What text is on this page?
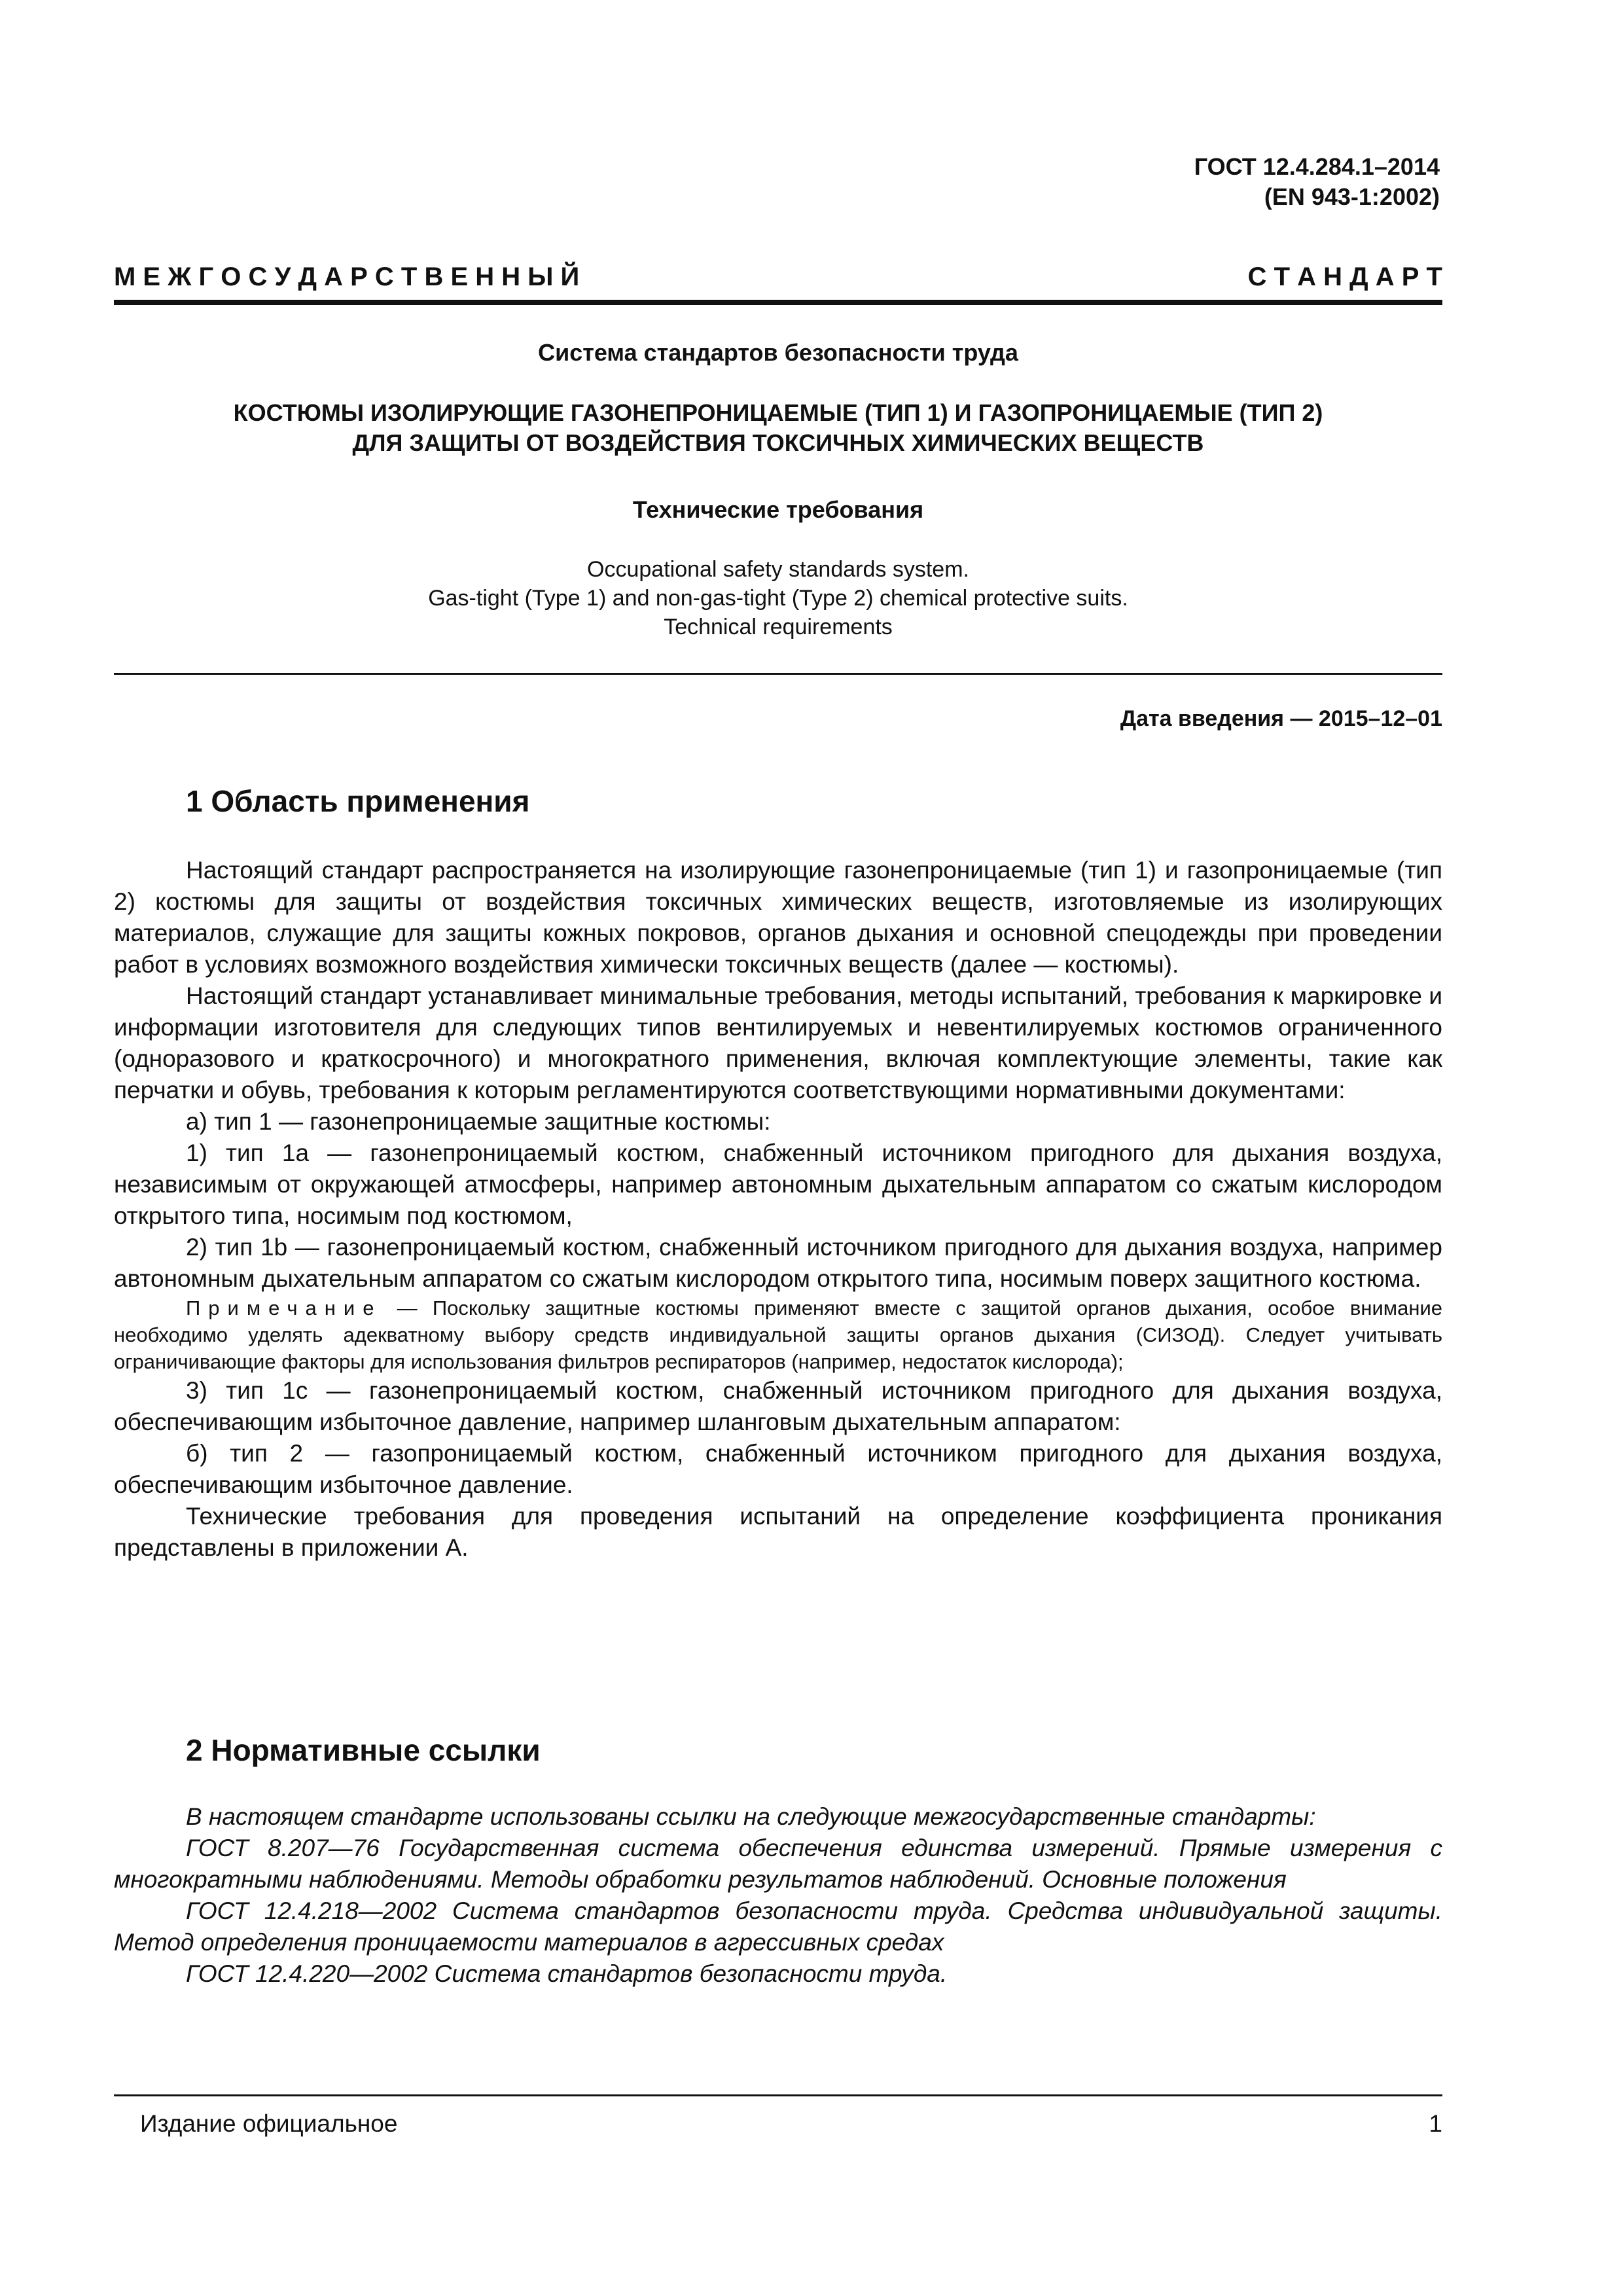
ГОСТ 12.4.284.1–2014
(EN 943-1:2002)
М Е Ж Г О С У Д А Р С Т В Е Н Н Ы Й	С Т А Н Д А Р Т
Система стандартов безопасности труда
КОСТЮМЫ ИЗОЛИРУЮЩИЕ ГАЗОНЕПРОНИЦАЕМЫЕ (ТИП 1) И ГАЗОПРОНИЦАЕМЫЕ (ТИП 2)
ДЛЯ ЗАЩИТЫ ОТ ВОЗДЕЙСТВИЯ ТОКСИЧНЫХ ХИМИЧЕСКИХ ВЕЩЕСТВ
Технические требования
Occupational safety standards system.
Gas-tight (Type 1) and non-gas-tight (Type 2) chemical protective suits.
Technical requirements
Дата введения — 2015–12–01
1 Область применения

Настоящий стандарт распространяется на изолирующие газонепроницаемые (тип 1) и газопроницаемые (тип 2) костюмы для защиты от воздействия токсичных химических веществ, изготовляемые из изолирующих материалов, служащие для защиты кожных покровов, органов дыхания и основной спецодежды при проведении работ в условиях возможного воздействия химически токсичных веществ (далее — костюмы).

Настоящий стандарт устанавливает минимальные требования, методы испытаний, требования к маркировке и информации изготовителя для следующих типов вентилируемых и невентилируемых костюмов ограниченного (одноразового и краткосрочного) и многократного применения, включая комплектующие элементы, такие как перчатки и обувь, требования к которым регламентируются соответствующими нормативными документами:

а) тип 1 — газонепроницаемые защитные костюмы:

1) тип 1а — газонепроницаемый костюм, снабженный источником пригодного для дыхания воздуха, независимым от окружающей атмосферы, например автономным дыхательным аппаратом со сжатым кислородом открытого типа, носимым под костюмом,

2) тип 1b — газонепроницаемый костюм, снабженный источником пригодного для дыхания воздуха, например автономным дыхательным аппаратом со сжатым кислородом открытого типа, носимым поверх защитного костюма.

Примечание — Поскольку защитные костюмы применяют вместе с защитой органов дыхания, особое внимание необходимо уделять адекватному выбору средств индивидуальной защиты органов дыхания (СИЗОД). Следует учитывать ограничивающие факторы для использования фильтров респираторов (например, недостаток кислорода);

3) тип 1с — газонепроницаемый костюм, снабженный источником пригодного для дыхания воздуха, обеспечивающим избыточное давление, например шланговым дыхательным аппаратом:

б) тип 2 — газопроницаемый костюм, снабженный источником пригодного для дыхания воздуха, обеспечивающим избыточное давление.

Технические требования для проведения испытаний на определение коэффициента проникания представлены в приложении А.

2 Нормативные ссылки

В настоящем стандарте использованы ссылки на следующие межгосударственные стандарты:

ГОСТ 8.207—76 Государственная система обеспечения единства измерений. Прямые измерения с многократными наблюдениями. Методы обработки результатов наблюдений. Основные положения

ГОСТ 12.4.218—2002 Система стандартов безопасности труда. Средства индивидуальной защиты. Метод определения проницаемости материалов в агрессивных средах

ГОСТ 12.4.220—2002 Система стандартов безопасности труда.

Издание официальное	1
